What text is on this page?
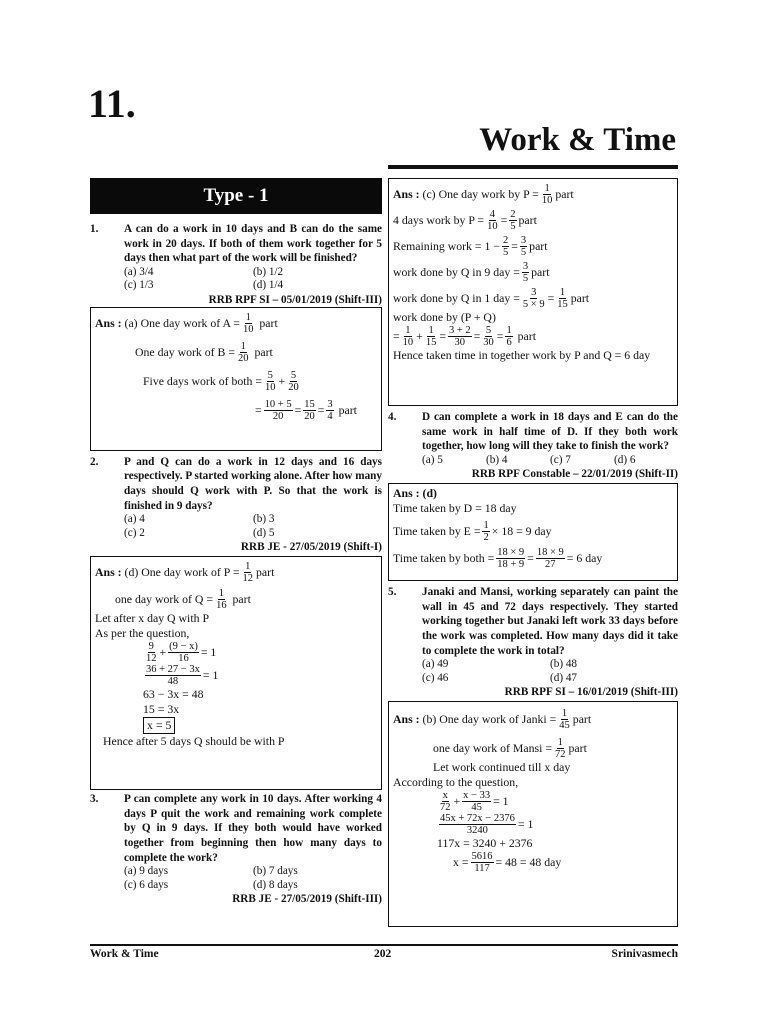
11.
Work & Time
Type - 1
1. A can do a work in 10 days and B can do the same work in 20 days. If both of them work together for 5 days then what part of the work will be finished?
(a) 3/4	(b) 1/2
(c) 1/3	(d) 1/4
RRB RPF SI – 05/01/2019 (Shift-III)
Ans :
(a)
One day work of $A = \frac{1}{10}$
part
One day work of $B = \frac{1}{20}$
part
Five days work of both = $\frac{5}{10} + \frac{5}{20}$
= $\frac{10 + 5}{20} = \frac{15}{20} = \frac{3}{4}$
part
2. P and Q can do a work in 12 days and 16 days respectively. P started working alone. After how many days should Q work with P. So that the work is finished in 9 days?
(a) 4	(b) 3
(c) 2	(d) 5
RRB JE - 27/05/2019 (Shift-I)
Ans :
(d)
One day work of $P = \frac{1}{12}$ part
one day work of $Q = \frac{1}{16}$
part
Let after x day Q with P
As per the question,
$\frac{9}{12} + \frac{(9 - x)}{16} = 1$
$\frac{36 + 27 - 3x}{48} = 1$
63 − 3x = 48
15 = 3x
x = 5
Hence after 5 days Q should be with P
3. P can complete any work in 10 days. After working 4 days P quit the work and remaining work complete by Q in 9 days. If they both would have worked together from beginning then how many days to complete the work?
(a) 9 days	(b) 7 days
(c) 6 days	(d) 8 days
RRB JE - 27/05/2019 (Shift-III)
Ans :
(c)
One day work by $P = \frac{1}{10}$ part
4 days work by $P = \frac{4}{10} = \frac{2}{5}$ part
Remaining work = $1 - \frac{2}{5} = \frac{3}{5}$ part
work done by Q in 9 day = $\frac{3}{5}$ part
work done by Q in 1 day = $\frac{3}{5 \times 9} = \frac{1}{15}$ part
work done by (P + Q)
= $\frac{1}{10} + \frac{1}{15} = \frac{3 + 2}{30} = \frac{5}{30} = \frac{1}{6}$
part
Hence taken time in together work by P and Q = 6 day
4. D can complete a work in 18 days and E can do the same work in half time of D. If they both work together, how long will they take to finish the work?
(a) 5	(b) 4	(c) 7	(d) 6
RRB RPF Constable – 22/01/2019 (Shift-II)
Ans :
(d)
Time taken by D = 18 day
Time taken by $E = \frac{1}{2} \times 18 = 9$ day
Time taken by both = $\frac{18 \times 9}{18 + 9} = \frac{18 \times 9}{27} = 6$ day
5. Janaki and Mansi, working separately can paint the wall in 45 and 72 days respectively. They started working together but Janaki left work 33 days before the work was completed. How many days did it take to complete the work in total?
(a) 49	(b) 48
(c) 46	(d) 47
RRB RPF SI – 16/01/2019 (Shift-III)
Ans :
(b)
One day work of Janki = $\frac{1}{45}$ part
one day work of Mansi = $\frac{1}{72}$ part
Let work continued till x day
According to the question,
$\frac{x}{72} + \frac{x - 33}{45} = 1$
$\frac{45x + 72x - 2376}{3240} = 1$
117x = 3240 + 2376
$x = \frac{5616}{117} = 48 = 48$ day
Work & Time	202	Srinivasmech
